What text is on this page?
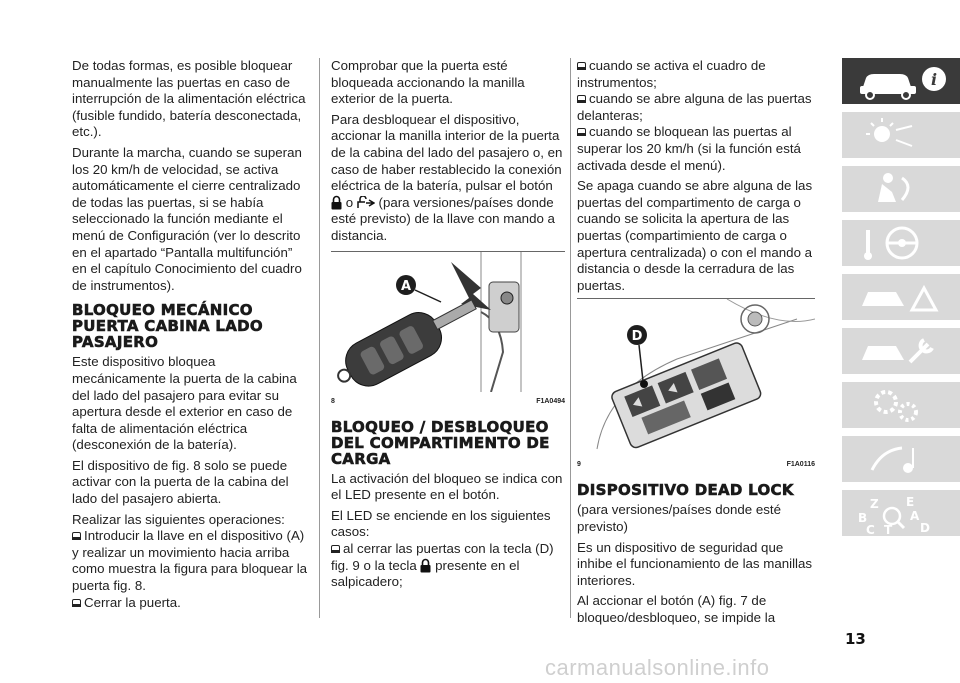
De todas formas, es posible bloquear manualmente las puertas en caso de interrupción de la alimentación eléctrica (fusible fundido, batería desconectada, etc.).

Durante la marcha, cuando se superan los 20 km/h de velocidad, se activa automáticamente el cierre centralizado de todas las puertas, si se había seleccionado la función mediante el menú de Configuración (ver lo descrito en el apartado “Pantalla multifunción” en el capítulo Conocimiento del cuadro de instrumentos).

BLOQUEO MECÁNICO PUERTA CABINA LADO PASAJERO

Este dispositivo bloquea mecánicamente la puerta de la cabina del lado del pasajero para evitar su apertura desde el exterior en caso de falta de alimentación eléctrica (desconexión de la batería).

El dispositivo de fig. 8 solo se puede activar con la puerta de la cabina del lado del pasajero abierta.

Realizar las siguientes operaciones:

Introducir la llave en el dispositivo (A) y realizar un movimiento hacia arriba como muestra la figura para bloquear la puerta fig. 8.

Cerrar la puerta.

Comprobar que la puerta esté bloqueada accionando la manilla exterior de la puerta.

Para desbloquear el dispositivo, accionar la manilla interior de la puerta de la cabina del lado del pasajero o, en caso de haber restablecido la conexión eléctrica de la batería, pulsar el botón  o (para versiones/países donde esté previsto) de la llave con mando a distancia.

A
8	F1A0494
BLOQUEO / DESBLOQUEO DEL COMPARTIMENTO DE CARGA

La activación del bloqueo se indica con el LED presente en el botón.

El LED se enciende en los siguientes casos:

al cerrar las puertas con la tecla (D) fig. 9 o la tecla presente en el salpicadero;

cuando se activa el cuadro de instrumentos;

cuando se abre alguna de las puertas delanteras;

cuando se bloquean las puertas al superar los 20 km/h (si la función está activada desde el menú).

Se apaga cuando se abre alguna de las puertas del compartimento de carga o cuando se solicita la apertura de las puertas (compartimiento de carga o apertura centralizada) o con el mando a distancia o desde la cerradura de las puertas.

D
9	F1A0116
DISPOSITIVO DEAD LOCK

(para versiones/países donde esté previsto)

Es un dispositivo de seguridad que inhibe el funcionamiento de las manillas interiores.

Al accionar el botón (A) fig. 7 de bloqueo/desbloqueo, se impide la

i
Z E
B	A
C T D
13
carmanualsonline.info
